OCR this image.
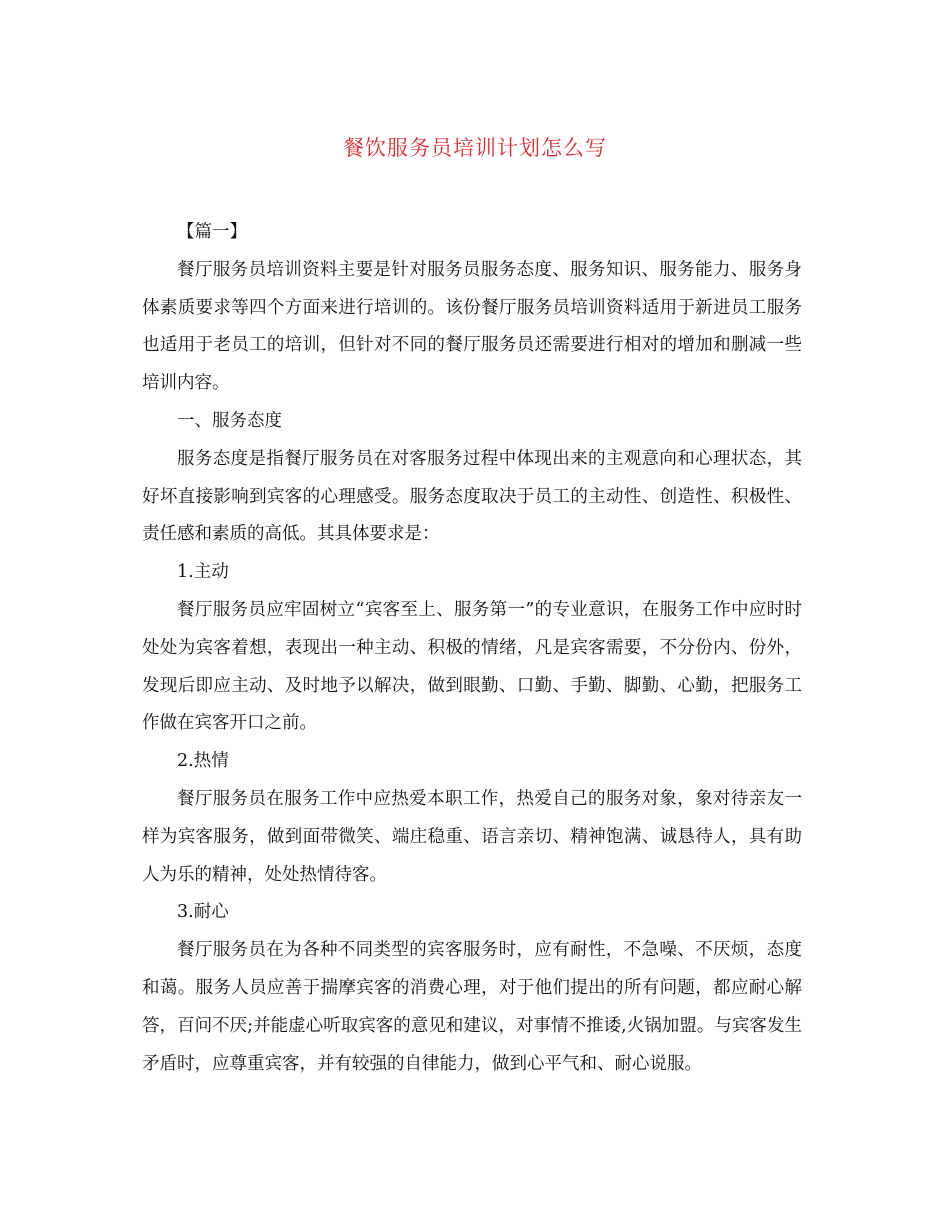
餐饮服务员培训计划怎么写

【篇一】

餐厅服务员培训资料主要是针对服务员服务态度、服务知识、服务能力、服务身体素质要求等四个方面来进行培训的。该份餐厅服务员培训资料适用于新进员工服务也适用于老员工的培训，但针对不同的餐厅服务员还需要进行相对的增加和删减一些培训内容。

一、服务态度

服务态度是指餐厅服务员在对客服务过程中体现出来的主观意向和心理状态，其好坏直接影响到宾客的心理感受。服务态度取决于员工的主动性、创造性、积极性、责任感和素质的高低。其具体要求是：

1.主动

餐厅服务员应牢固树立“宾客至上、服务第一”的专业意识，在服务工作中应时时处处为宾客着想，表现出一种主动、积极的情绪，凡是宾客需要，不分份内、份外，发现后即应主动、及时地予以解决，做到眼勤、口勤、手勤、脚勤、心勤，把服务工作做在宾客开口之前。

2.热情

餐厅服务员在服务工作中应热爱本职工作，热爱自己的服务对象，象对待亲友一样为宾客服务，做到面带微笑、端庄稳重、语言亲切、精神饱满、诚恳待人，具有助人为乐的精神，处处热情待客。

3.耐心

餐厅服务员在为各种不同类型的宾客服务时，应有耐性，不急噪、不厌烦，态度和蔼。服务人员应善于揣摩宾客的消费心理，对于他们提出的所有问题，都应耐心解答，百问不厌;并能虚心听取宾客的意见和建议，对事情不推诿,火锅加盟。与宾客发生矛盾时，应尊重宾客，并有较强的自律能力，做到心平气和、耐心说服。
